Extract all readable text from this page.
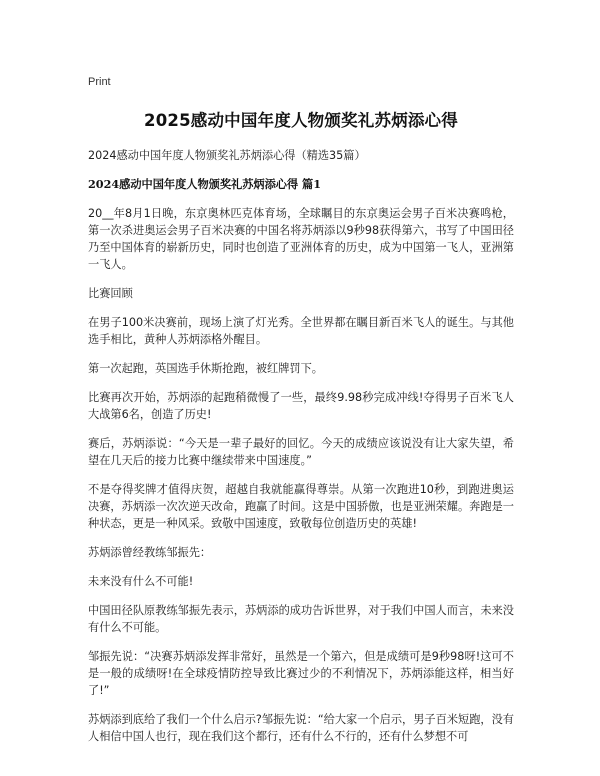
Print
2025感动中国年度人物颁奖礼苏炳添心得

2024感动中国年度人物颁奖礼苏炳添心得（精选35篇）

2024感动中国年度人物颁奖礼苏炳添心得 篇1

20__年8月1日晚，东京奥林匹克体育场，全球瞩目的东京奥运会男子百米决赛鸣枪，第一次杀进奥运会男子百米决赛的中国名将苏炳添以9秒98获得第六，书写了中国田径乃至中国体育的崭新历史，同时也创造了亚洲体育的历史，成为中国第一飞人，亚洲第一飞人。

比赛回顾

在男子100米决赛前，现场上演了灯光秀。全世界都在瞩目新百米飞人的诞生。与其他选手相比，黄种人苏炳添格外醒目。

第一次起跑，英国选手休斯抢跑，被红牌罚下。

比赛再次开始，苏炳添的起跑稍微慢了一些，最终9.98秒完成冲线!夺得男子百米飞人大战第6名，创造了历史!

赛后，苏炳添说：“今天是一辈子最好的回忆。今天的成绩应该说没有让大家失望，希望在几天后的接力比赛中继续带来中国速度。”

不是夺得奖牌才值得庆贺，超越自我就能赢得尊崇。从第一次跑进10秒，到跑进奥运决赛，苏炳添一次次逆天改命，跑赢了时间。这是中国骄傲，也是亚洲荣耀。奔跑是一种状态，更是一种风采。致敬中国速度，致敬每位创造历史的英雄!

苏炳添曾经教练邹振先：

未来没有什么不可能!

中国田径队原教练邹振先表示，苏炳添的成功告诉世界，对于我们中国人而言，未来没有什么不可能。

邹振先说：“决赛苏炳添发挥非常好，虽然是一个第六，但是成绩可是9秒98呀!这可不是一般的成绩呀!在全球疫情防控导致比赛过少的不利情况下，苏炳添能这样，相当好了!”

苏炳添到底给了我们一个什么启示?邹振先说：“给大家一个启示，男子百米短跑，没有人相信中国人也行，现在我们这个都行，还有什么不行的，还有什么梦想不可
